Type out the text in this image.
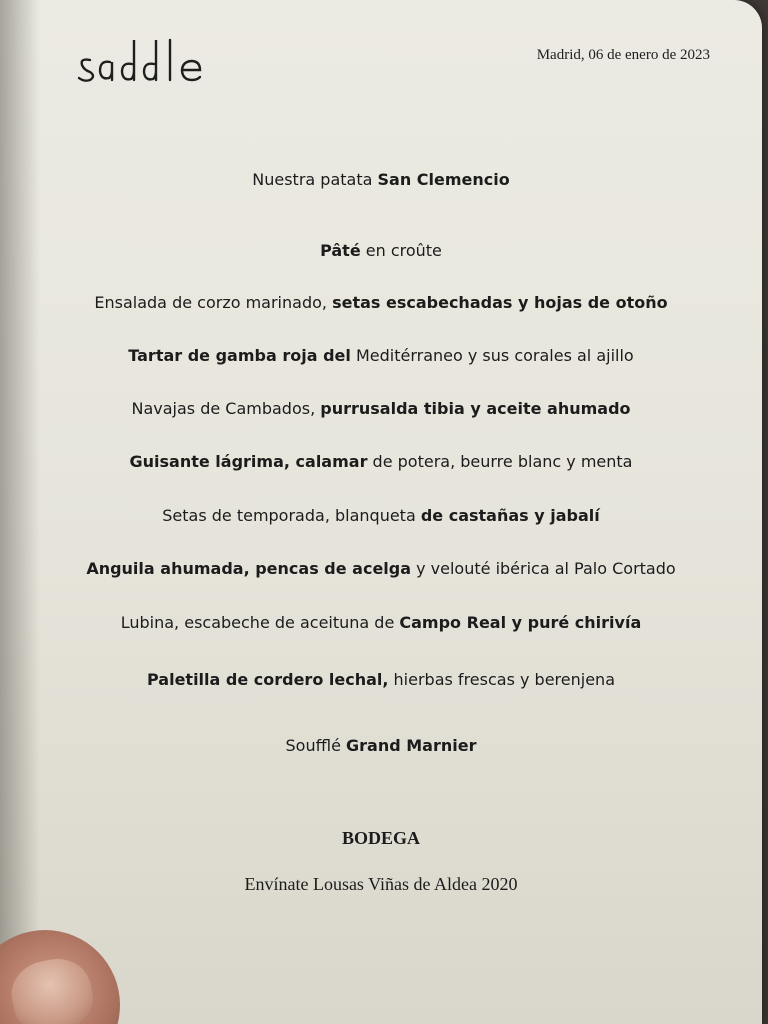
Madrid, 06 de enero de 2023
Nuestra patata San Clemencio
Pâté en croûte
Ensalada de corzo marinado, setas escabechadas y hojas de otoño
Tartar de gamba roja del Meditérraneo y sus corales al ajillo
Navajas de Cambados, purrusalda tibia y aceite ahumado
Guisante lágrima, calamar de potera, beurre blanc y menta
Setas de temporada, blanqueta de castañas y jabalí
Anguila ahumada, pencas de acelga y velouté ibérica al Palo Cortado
Lubina, escabeche de aceituna de Campo Real y puré chirivía
Paletilla de cordero lechal, hierbas frescas y berenjena
Soufflé Grand Marnier
BODEGA
Envínate Lousas Viñas de Aldea 2020
